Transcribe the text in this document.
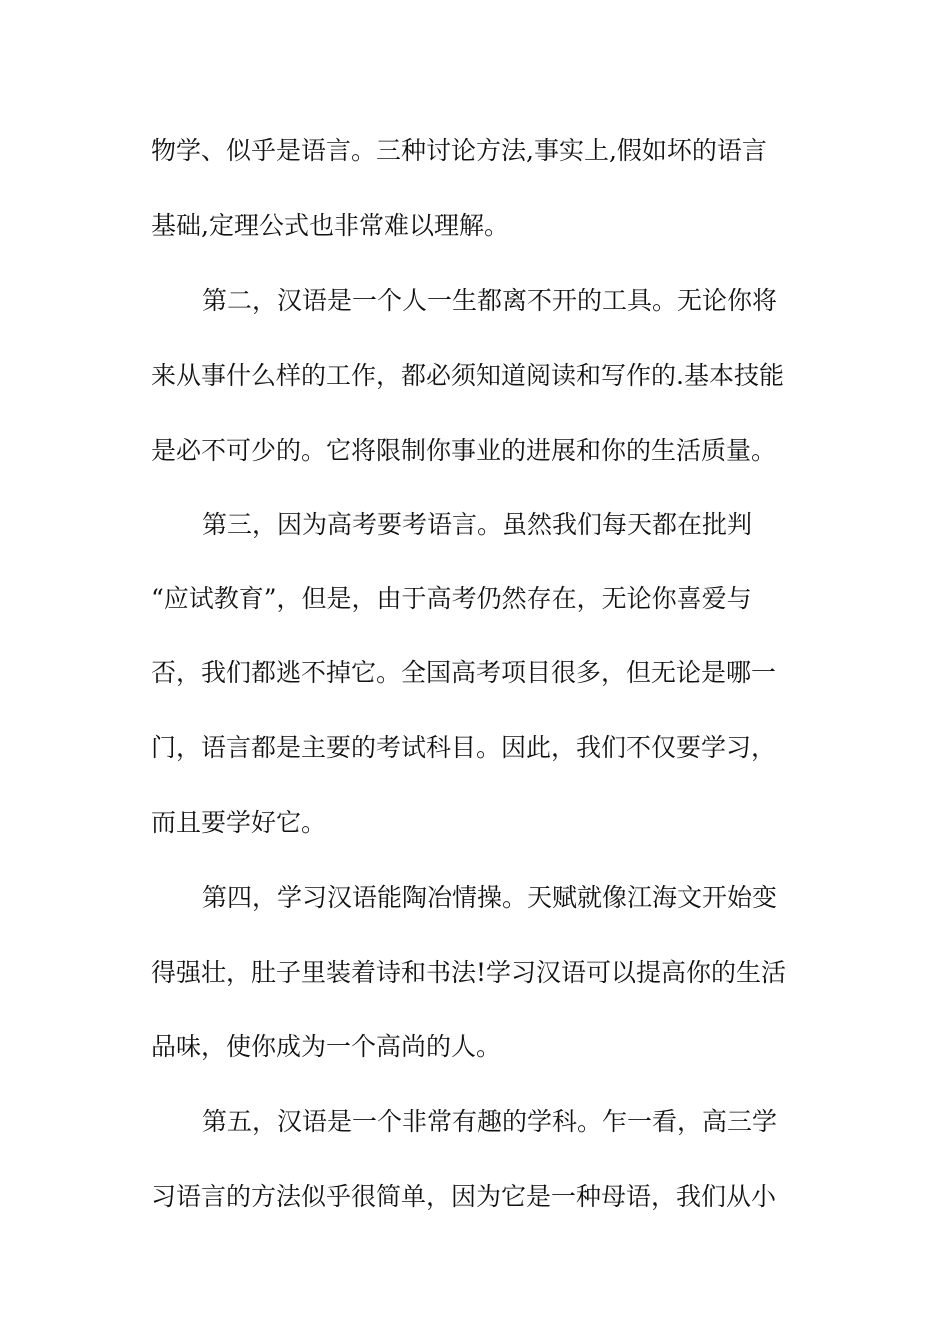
物学、似乎是语言。三种讨论方法,事实上,假如坏的语言
基础,定理公式也非常难以理解。
第二，汉语是一个人一生都离不开的工具。无论你将
来从事什么样的工作，都必须知道阅读和写作的.基本技能
是必不可少的。它将限制你事业的进展和你的生活质量。
第三，因为高考要考语言。虽然我们每天都在批判
“应试教育”，但是，由于高考仍然存在，无论你喜爱与
否，我们都逃不掉它。全国高考项目很多，但无论是哪一
门，语言都是主要的考试科目。因此，我们不仅要学习，
而且要学好它。
第四，学习汉语能陶冶情操。天赋就像江海文开始变
得强壮，肚子里装着诗和书法!学习汉语可以提高你的生活
品味，使你成为一个高尚的人。
第五，汉语是一个非常有趣的学科。乍一看，高三学
习语言的方法似乎很简单，因为它是一种母语，我们从小
